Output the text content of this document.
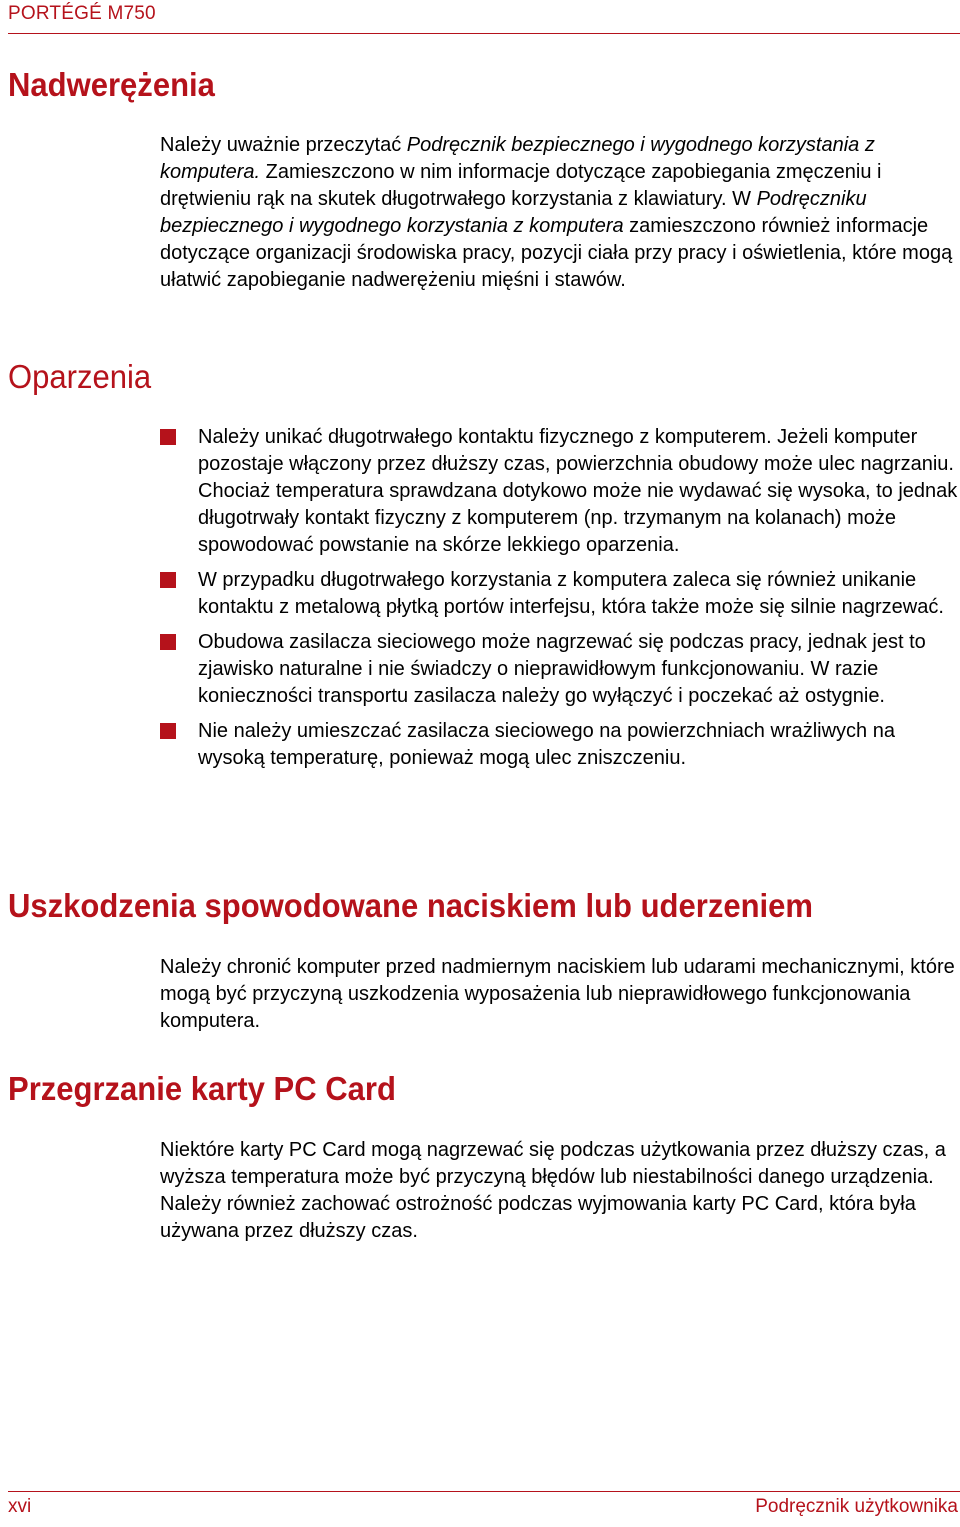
PORTÉGÉ M750
Nadwerężenia

Należy uważnie przeczytać Podręcznik bezpiecznego i wygodnego korzystania z komputera. Zamieszczono w nim informacje dotyczące zapobiegania zmęczeniu i drętwieniu rąk na skutek długotrwałego korzystania z klawiatury. W Podręczniku bezpiecznego i wygodnego korzystania z komputera zamieszczono również informacje dotyczące organizacji środowiska pracy, pozycji ciała przy pracy i oświetlenia, które mogą ułatwić zapobieganie nadwerężeniu mięśni i stawów.

Oparzenia
Należy unikać długotrwałego kontaktu fizycznego z komputerem. Jeżeli komputer pozostaje włączony przez dłuższy czas, powierzchnia obudowy może ulec nagrzaniu. Chociaż temperatura sprawdzana dotykowo może nie wydawać się wysoka, to jednak długotrwały kontakt fizyczny z komputerem (np. trzymanym na kolanach) może spowodować powstanie na skórze lekkiego oparzenia.
W przypadku długotrwałego korzystania z komputera zaleca się również unikanie kontaktu z metalową płytką portów interfejsu, która także może się silnie nagrzewać.
Obudowa zasilacza sieciowego może nagrzewać się podczas pracy, jednak jest to zjawisko naturalne i nie świadczy o nieprawidłowym funkcjonowaniu. W razie konieczności transportu zasilacza należy go wyłączyć i poczekać aż ostygnie.
Nie należy umieszczać zasilacza sieciowego na powierzchniach wrażliwych na wysoką temperaturę, ponieważ mogą ulec zniszczeniu.
Uszkodzenia spowodowane naciskiem lub uderzeniem

Należy chronić komputer przed nadmiernym naciskiem lub udarami mechanicznymi, które mogą być przyczyną uszkodzenia wyposażenia lub nieprawidłowego funkcjonowania komputera.

Przegrzanie karty PC Card

Niektóre karty PC Card mogą nagrzewać się podczas użytkowania przez dłuższy czas, a wyższa temperatura może być przyczyną błędów lub niestabilności danego urządzenia. Należy również zachować ostrożność podczas wyjmowania karty PC Card, która była używana przez dłuższy czas.

xvi	Podręcznik użytkownika
